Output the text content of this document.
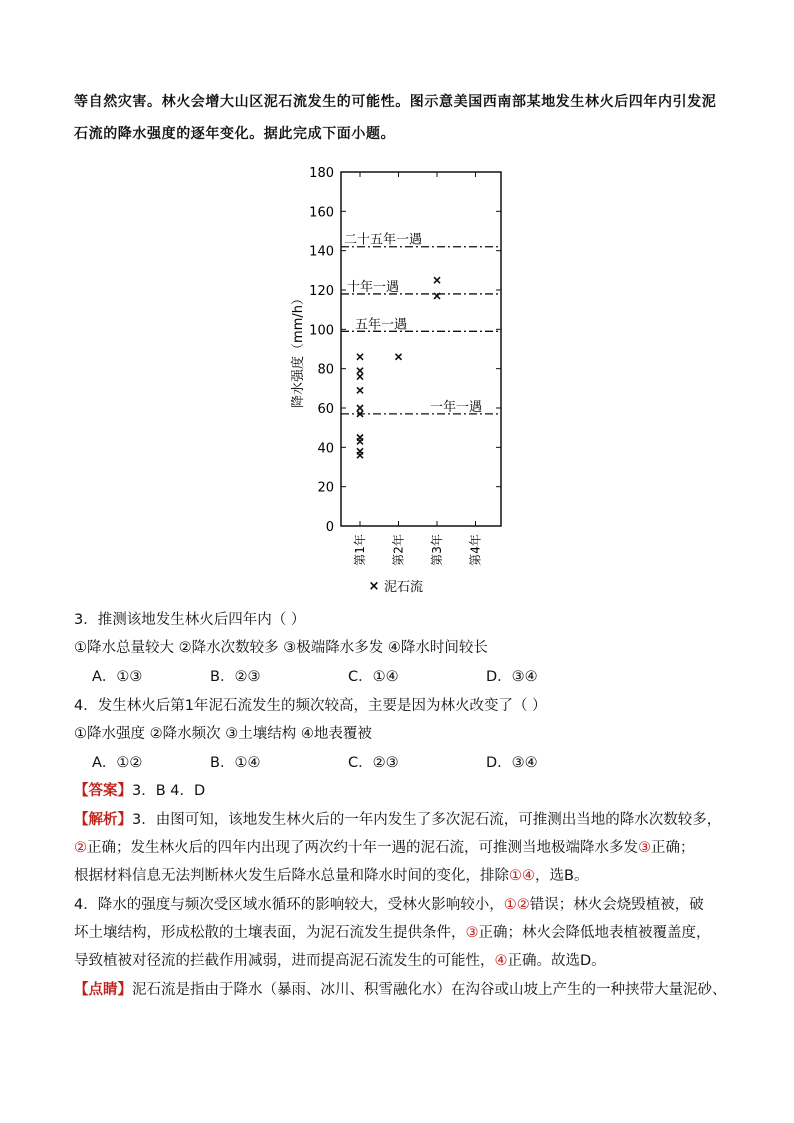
等自然灾害。林火会增大山区泥石流发生的可能性。图示意美国西南部某地发生林火后四年内引发泥
石流的降水强度的逐年变化。据此完成下面小题。
降水强度（mm/h）
0
20
40
60
80
100
120
140
160
180
二十五年一遇
十年一遇
五年一遇
一年一遇
第1年 第2年 第3年 第4年
× 泥石流
3．推测该地发生林火后四年内（ ）
①降水总量较大 ②降水次数较多 ③极端降水多发 ④降水时间较长
A．①③	B．②③	C．①④	D．③④
4．发生林火后第1年泥石流发生的频次较高，主要是因为林火改变了（ ）
①降水强度 ②降水频次 ③土壤结构 ④地表覆被
A．①②	B．①④	C．②③	D．③④
【答案】3．B 4．D
【解析】3．由图可知，该地发生林火后的一年内发生了多次泥石流，可推测出当地的降水次数较多，
②正确；发生林火后的四年内出现了两次约十年一遇的泥石流，可推测当地极端降水多发③正确；
根据材料信息无法判断林火发生后降水总量和降水时间的变化，排除①④，选B。
4．降水的强度与频次受区域水循环的影响较大，受林火影响较小，①②错误；林火会烧毁植被，破
坏土壤结构，形成松散的土壤表面，为泥石流发生提供条件，③正确；林火会降低地表植被覆盖度，
导致植被对径流的拦截作用减弱，进而提高泥石流发生的可能性，④正确。故选D。
【点睛】泥石流是指由于降水（暴雨、冰川、积雪融化水）在沟谷或山坡上产生的一种挟带大量泥砂、
